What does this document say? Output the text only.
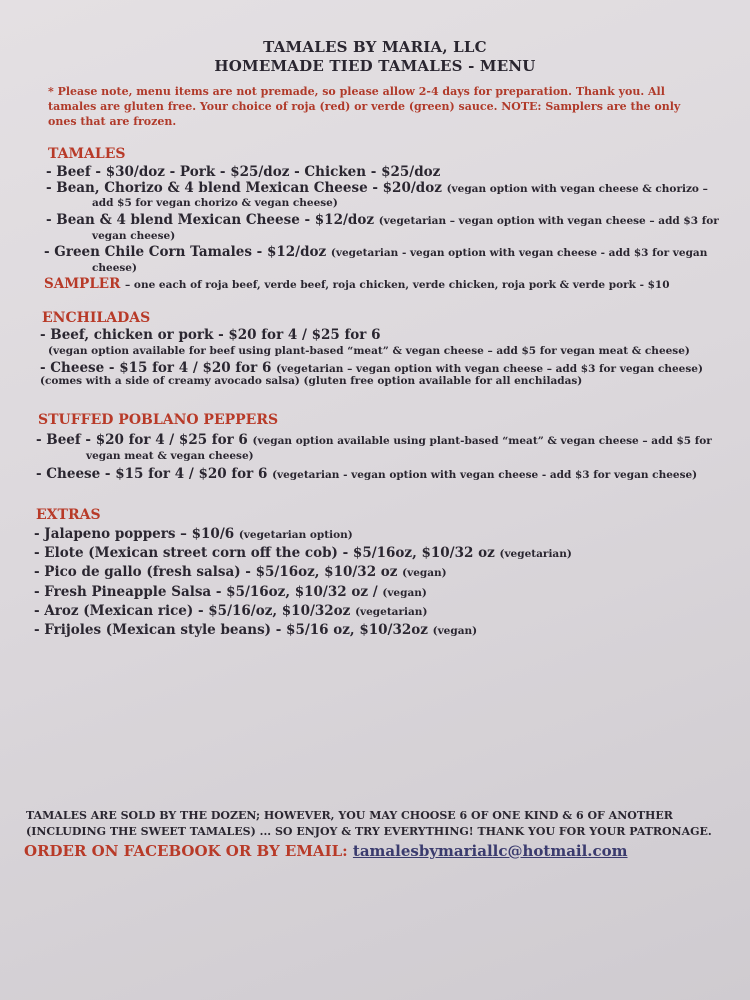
TAMALES BY MARIA, LLC
HOMEMADE TIED TAMALES - MENU
* Please note, menu items are not premade, so please allow 2-4 days for preparation. Thank you. All tamales are gluten free. Your choice of roja (red) or verde (green) sauce. NOTE: Samplers are the only ones that are frozen.
TAMALES
- Beef - $30/doz - Pork - $25/doz - Chicken - $25/doz
- Bean, Chorizo & 4 blend Mexican Cheese - $20/doz (vegan option with vegan cheese & chorizo –
add $5 for vegan chorizo & vegan cheese)
- Bean & 4 blend Mexican Cheese - $12/doz (vegetarian – vegan option with vegan cheese – add $3 for
vegan cheese)
- Green Chile Corn Tamales - $12/doz (vegetarian - vegan option with vegan cheese - add $3 for vegan
cheese)
SAMPLER – one each of roja beef, verde beef, roja chicken, verde chicken, roja pork & verde pork - $10
ENCHILADAS
- Beef, chicken or pork - $20 for 4 / $25 for 6
(vegan option available for beef using plant-based “meat” & vegan cheese – add $5 for vegan meat & cheese)
- Cheese - $15 for 4 / $20 for 6 (vegetarian – vegan option with vegan cheese – add $3 for vegan cheese)
(comes with a side of creamy avocado salsa) (gluten free option available for all enchiladas)
STUFFED POBLANO PEPPERS
- Beef - $20 for 4 / $25 for 6 (vegan option available using plant-based “meat” & vegan cheese – add $5 for
vegan meat & vegan cheese)
- Cheese - $15 for 4 / $20 for 6 (vegetarian - vegan option with vegan cheese - add $3 for vegan cheese)
EXTRAS
- Jalapeno poppers – $10/6 (vegetarian option)
- Elote (Mexican street corn off the cob) - $5/16oz, $10/32 oz (vegetarian)
- Pico de gallo (fresh salsa) - $5/16oz, $10/32 oz (vegan)
- Fresh Pineapple Salsa - $5/16oz, $10/32 oz / (vegan)
- Aroz (Mexican rice) - $5/16/oz, $10/32oz (vegetarian)
- Frijoles (Mexican style beans) - $5/16 oz, $10/32oz (vegan)
TAMALES ARE SOLD BY THE DOZEN; HOWEVER, YOU MAY CHOOSE 6 OF ONE KIND & 6 OF ANOTHER (INCLUDING THE SWEET TAMALES) ... SO ENJOY & TRY EVERYTHING! THANK YOU FOR YOUR PATRONAGE.
ORDER ON FACEBOOK OR BY EMAIL: tamalesbymariallc@hotmail.com
